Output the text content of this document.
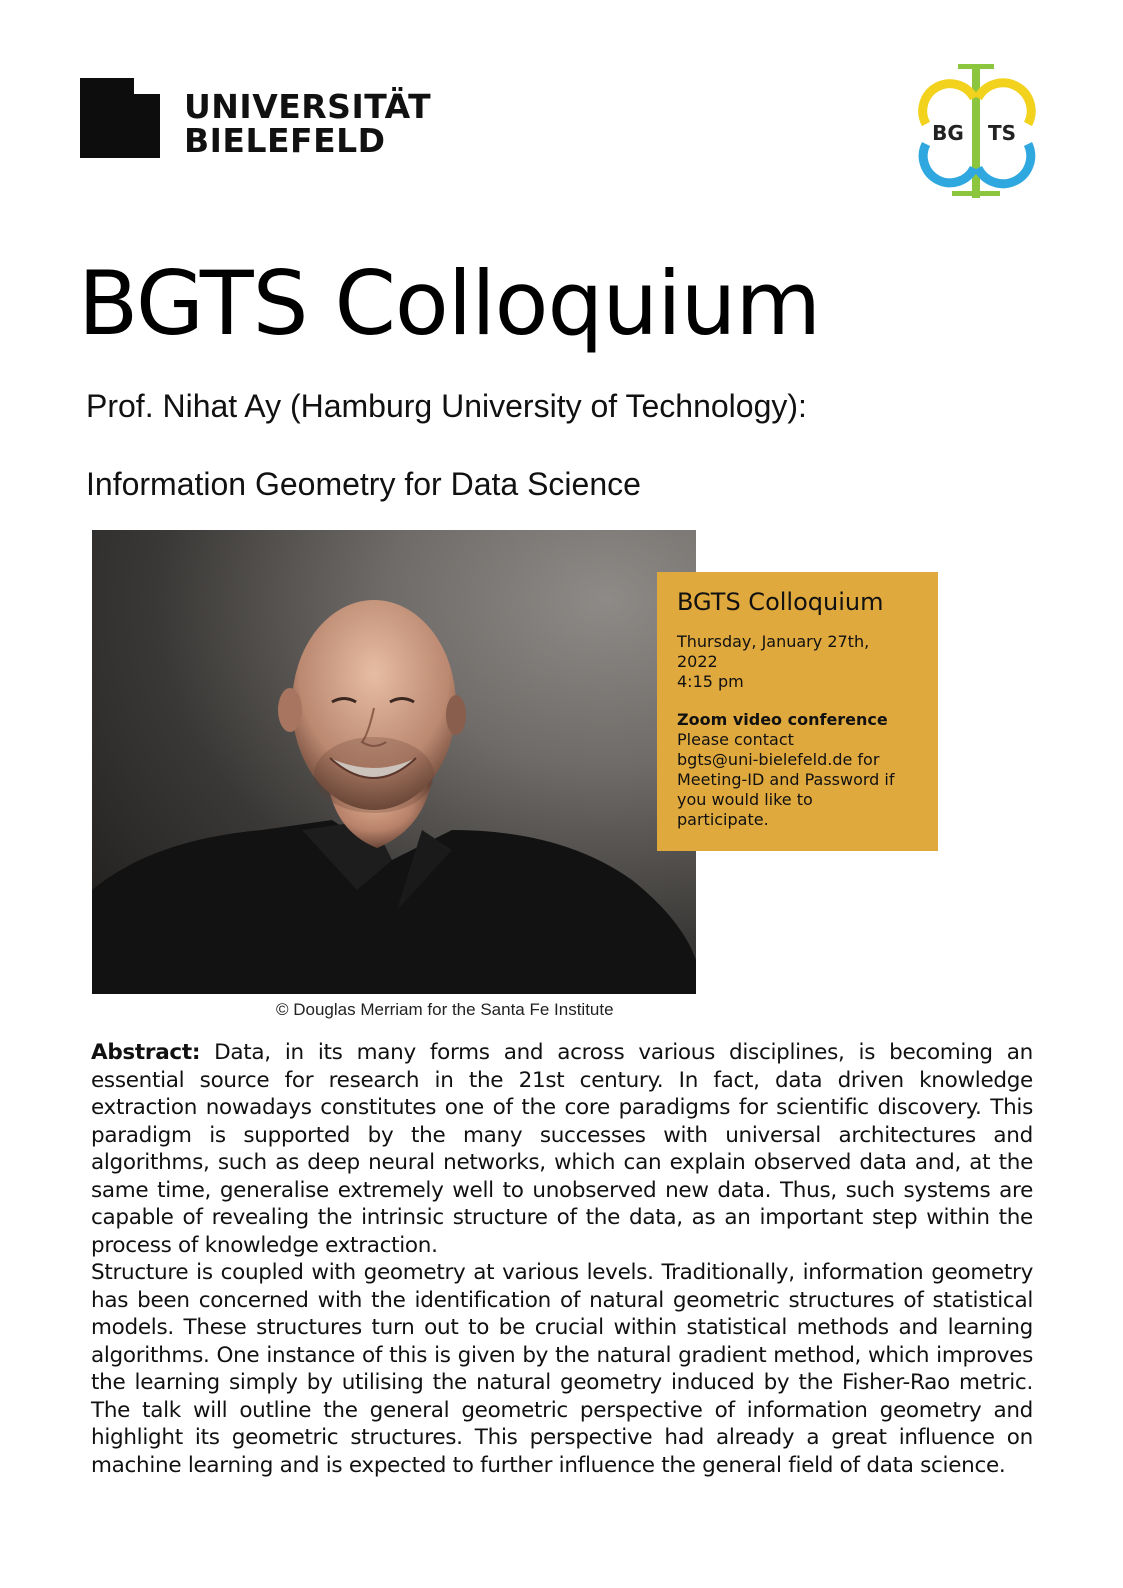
UNIVERSITÄT
BIELEFELD	BG TS
BGTS Colloquium
Prof. Nihat Ay (Hamburg University of Technology):
Information Geometry for Data Science
© Douglas Merriam for the Santa Fe Institute
BGTS Colloquium
Thursday, January 27th,
2022
4:15 pm
Zoom video conference
Please contact
bgts@uni-bielefeld.de for
Meeting-ID and Password if
you would like to
participate.

Abstract: Data, in its many forms and across various disciplines, is becoming an essential source for research in the 21st century. In fact, data driven knowledge extraction nowadays constitutes one of the core paradigms for scientific discovery. This paradigm is supported by the many successes with universal architectures and algorithms, such as deep neural networks, which can explain observed data and, at the same time, generalise extremely well to unobserved new data. Thus, such systems are capable of revealing the intrinsic structure of the data, as an important step within the process of knowledge extraction.

Structure is coupled with geometry at various levels. Traditionally, information geometry has been concerned with the identification of natural geometric structures of statistical models. These structures turn out to be crucial within statistical methods and learning algorithms. One instance of this is given by the natural gradient method, which improves the learning simply by utilising the natural geometry induced by the Fisher-Rao metric. The talk will outline the general geometric perspective of information geometry and highlight its geometric structures. This perspective had already a great influence on machine learning and is expected to further influence the general field of data science.
